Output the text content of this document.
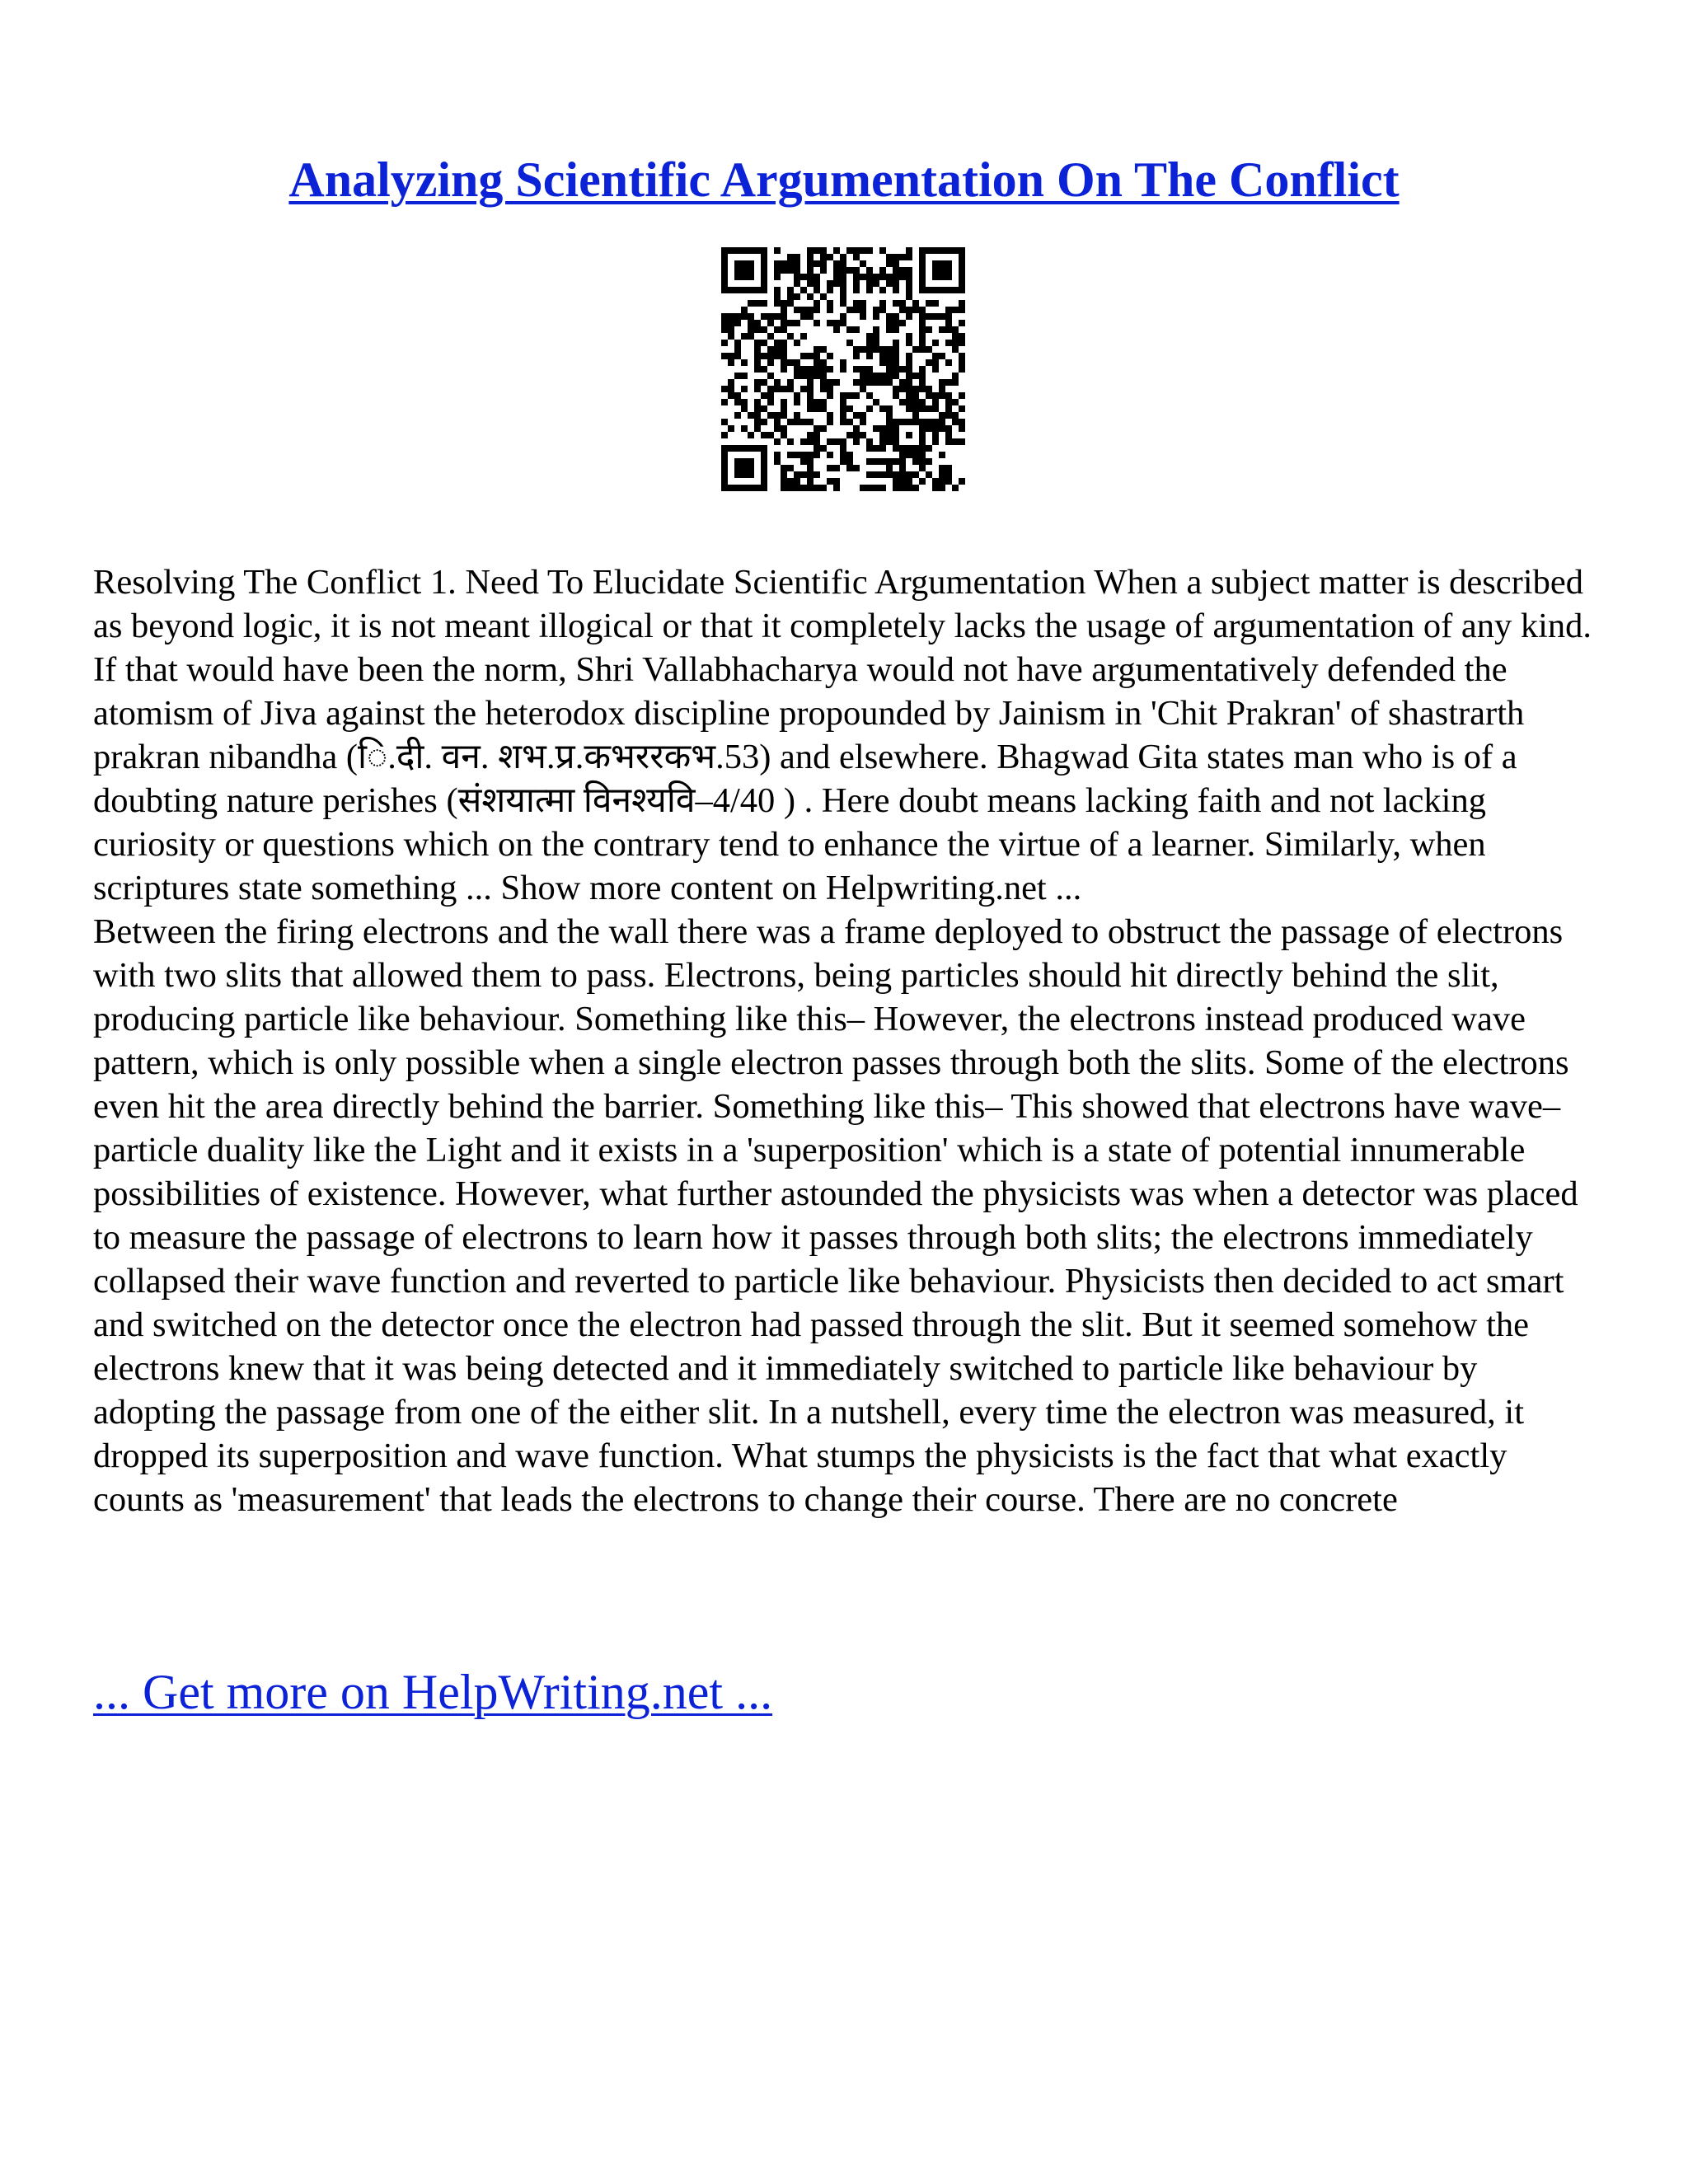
Analyzing Scientific Argumentation On The Conflict

Resolving The Conflict 1. Need To Elucidate Scientific Argumentation When a subject matter is described as beyond logic, it is not meant illogical or that it completely lacks the usage of argumentation of any kind. If that would have been the norm, Shri Vallabhacharya would not have argumentatively defended the atomism of Jiva against the heterodox discipline propounded by Jainism in 'Chit Prakran' of shastrarth prakran nibandha (ि.दी. वन. शभ.प्र.कभररकभ.53) and elsewhere. Bhagwad Gita states man who is of a doubting nature perishes (संशयात्मा विनश्यवि–4/40 ) . Here doubt means lacking faith and not lacking curiosity or questions which on the contrary tend to enhance the virtue of a learner. Similarly, when scriptures state something ... Show more content on Helpwriting.net ...

Between the firing electrons and the wall there was a frame deployed to obstruct the passage of electrons with two slits that allowed them to pass. Electrons, being particles should hit directly behind the slit, producing particle like behaviour. Something like this– However, the electrons instead produced wave pattern, which is only possible when a single electron passes through both the slits. Some of the electrons even hit the area directly behind the barrier. Something like this– This showed that electrons have wave–particle duality like the Light and it exists in a 'superposition' which is a state of potential innumerable possibilities of existence. However, what further astounded the physicists was when a detector was placed to measure the passage of electrons to learn how it passes through both slits; the electrons immediately collapsed their wave function and reverted to particle like behaviour. Physicists then decided to act smart and switched on the detector once the electron had passed through the slit. But it seemed somehow the electrons knew that it was being detected and it immediately switched to particle like behaviour by adopting the passage from one of the either slit. In a nutshell, every time the electron was measured, it dropped its superposition and wave function. What stumps the physicists is the fact that what exactly counts as 'measurement' that leads the electrons to change their course. There are no concrete

... Get more on HelpWriting.net ...
